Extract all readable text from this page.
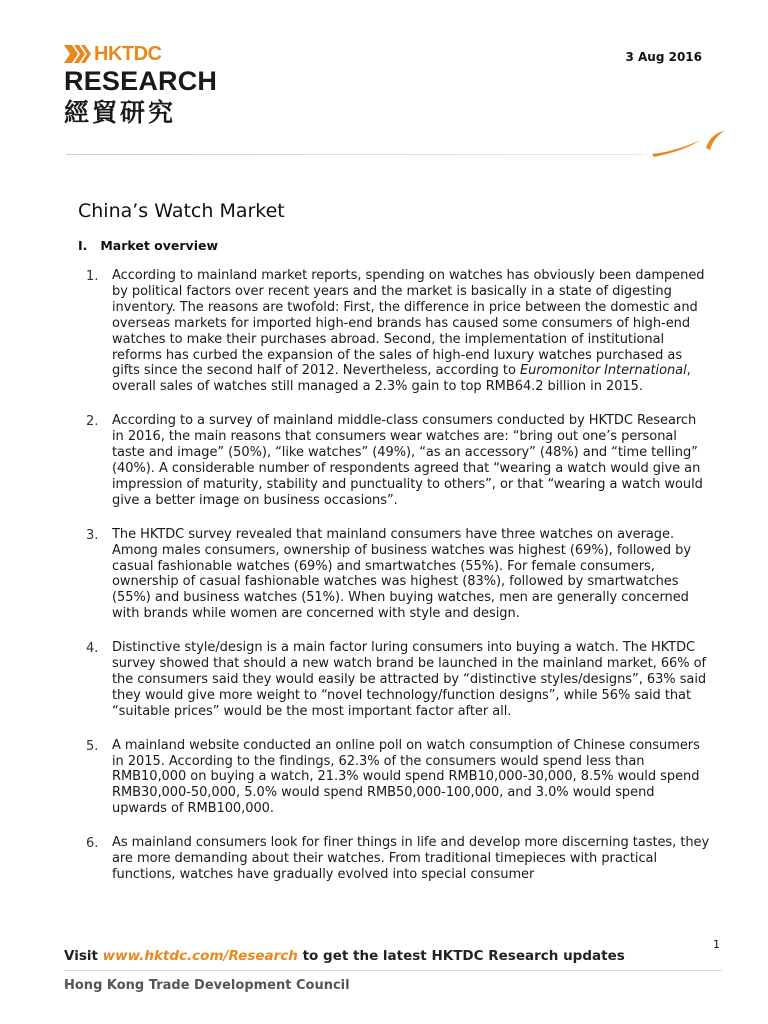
HKTDC
RESEARCH
經貿研究
3 Aug 2016
China’s Watch Market
I. Market overview
1. According to mainland market reports, spending on watches has obviously been dampened by political factors over recent years and the market is basically in a state of digesting inventory. The reasons are twofold: First, the difference in price between the domestic and overseas markets for imported high-end brands has caused some consumers of high-end watches to make their purchases abroad. Second, the implementation of institutional reforms has curbed the expansion of the sales of high-end luxury watches purchased as gifts since the second half of 2012. Nevertheless, according to Euromonitor International, overall sales of watches still managed a 2.3% gain to top RMB64.2 billion in 2015.

2. According to a survey of mainland middle-class consumers conducted by HKTDC Research in 2016, the main reasons that consumers wear watches are: “bring out one’s personal taste and image” (50%), “like watches” (49%), “as an accessory” (48%) and “time telling” (40%). A considerable number of respondents agreed that “wearing a watch would give an impression of maturity, stability and punctuality to others”, or that “wearing a watch would give a better image on business occasions”.

3. The HKTDC survey revealed that mainland consumers have three watches on average. Among males consumers, ownership of business watches was highest (69%), followed by casual fashionable watches (69%) and smartwatches (55%). For female consumers, ownership of casual fashionable watches was highest (83%), followed by smartwatches (55%) and business watches (51%). When buying watches, men are generally concerned with brands while women are concerned with style and design.

4. Distinctive style/design is a main factor luring consumers into buying a watch. The HKTDC survey showed that should a new watch brand be launched in the mainland market, 66% of the consumers said they would easily be attracted by “distinctive styles/designs”, 63% said they would give more weight to “novel technology/function designs”, while 56% said that “suitable prices” would be the most important factor after all.

5. A mainland website conducted an online poll on watch consumption of Chinese consumers in 2015. According to the findings, 62.3% of the consumers would spend less than RMB10,000 on buying a watch, 21.3% would spend RMB10,000-30,000, 8.5% would spend RMB30,000-50,000, 5.0% would spend RMB50,000-100,000, and 3.0% would spend upwards of RMB100,000.

6. As mainland consumers look for finer things in life and develop more discerning tastes, they are more demanding about their watches. From traditional timepieces with practical functions, watches have gradually evolved into special consumer

1
Visit www.hktdc.com/Research to get the latest HKTDC Research updates
Hong Kong Trade Development Council
